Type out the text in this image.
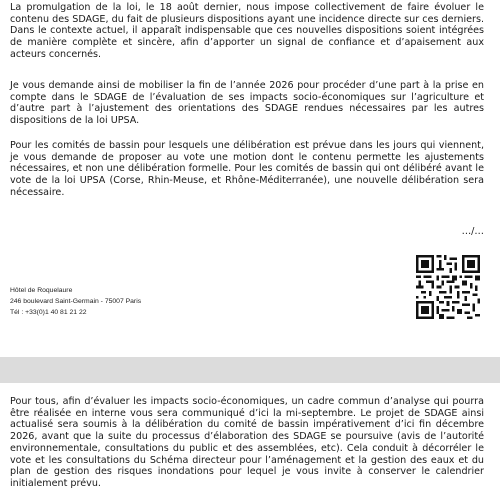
La promulgation de la loi, le 18 août dernier, nous impose collectivement de faire évoluer le contenu des SDAGE, du fait de plusieurs dispositions ayant une incidence directe sur ces derniers. Dans le contexte actuel, il apparaît indispensable que ces nouvelles dispositions soient intégrées de manière complète et sincère, afin d’apporter un signal de confiance et d’apaisement aux acteurs concernés.

Je vous demande ainsi de mobiliser la fin de l’année 2026 pour procéder d’une part à la prise en compte dans le SDAGE de l’évaluation de ses impacts socio-économiques sur l’agriculture et d’autre part à l’ajustement des orientations des SDAGE rendues nécessaires par les autres dispositions de la loi UPSA.

Pour les comités de bassin pour lesquels une délibération est prévue dans les jours qui viennent, je vous demande de proposer au vote une motion dont le contenu permette les ajustements nécessaires, et non une délibération formelle. Pour les comités de bassin qui ont délibéré avant le vote de la loi UPSA (Corse, Rhin-Meuse, et Rhône-Méditerranée), une nouvelle délibération sera nécessaire.

…/…
Hôtel de Roquelaure
246 boulevard Saint-Germain - 75007 Paris
Tél : +33(0)1 40 81 21 22

Pour tous, afin d’évaluer les impacts socio-économiques, un cadre commun d’analyse qui pourra être réalisée en interne vous sera communiqué d’ici la mi-septembre. Le projet de SDAGE ainsi actualisé sera soumis à la délibération du comité de bassin impérativement d’ici fin décembre 2026, avant que la suite du processus d’élaboration des SDAGE se poursuive (avis de l’autorité environnementale, consultations du public et des assemblées, etc). Cela conduit à décorréler le vote et les consultations du Schéma directeur pour l’aménagement et la gestion des eaux et du plan de gestion des risques inondations pour lequel je vous invite à conserver le calendrier initialement prévu.
